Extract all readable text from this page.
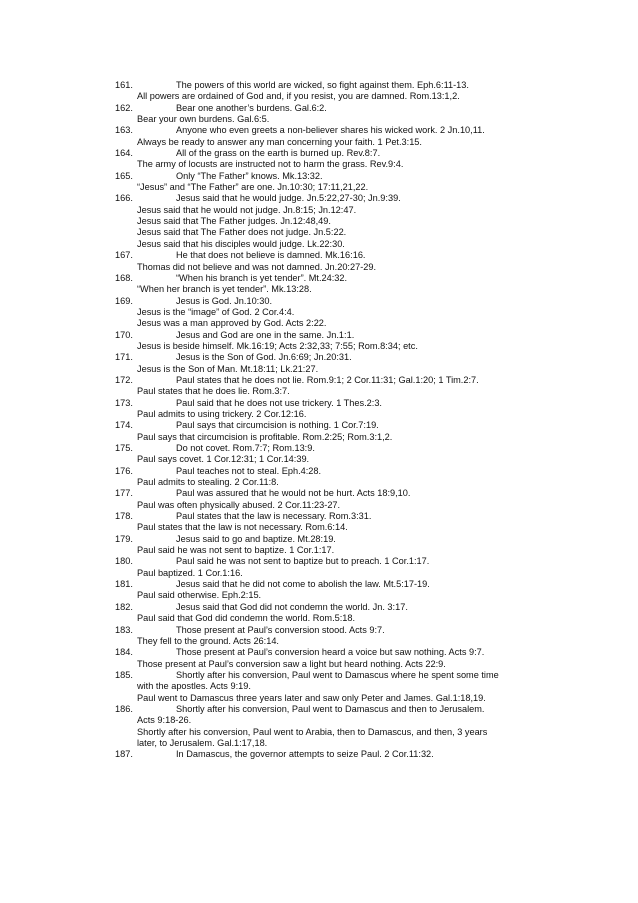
161.	The powers of this world are wicked, so fight against them. Eph.6:11-13.
All powers are ordained of God and, if you resist, you are damned. Rom.13:1,2.
162.	Bear one another’s burdens. Gal.6:2.
Bear your own burdens. Gal.6:5.
163.	Anyone who even greets a non-believer shares his wicked work. 2 Jn.10,11.
Always be ready to answer any man concerning your faith. 1 Pet.3:15.
164.	All of the grass on the earth is burned up. Rev.8:7.
The army of locusts are instructed not to harm the grass. Rev.9:4.
165.	Only “The Father” knows. Mk.13:32.
“Jesus” and “The Father” are one. Jn.10:30; 17:11,21,22.
166.	Jesus said that he would judge. Jn.5:22,27-30; Jn.9:39.
Jesus said that he would not judge. Jn.8:15; Jn.12:47.
Jesus said that The Father judges. Jn.12:48,49.
Jesus said that The Father does not judge. Jn.5:22.
Jesus said that his disciples would judge. Lk.22:30.
167.	He that does not believe is damned. Mk.16:16.
Thomas did not believe and was not damned. Jn.20:27-29.
168.	“When his branch is yet tender”. Mt.24:32.
“When her branch is yet tender”. Mk.13:28.
169.	Jesus is God. Jn.10:30.
Jesus is the “image” of God. 2 Cor.4:4.
Jesus was a man approved by God. Acts 2:22.
170.	Jesus and God are one in the same. Jn.1:1.
Jesus is beside himself. Mk.16:19; Acts 2:32,33; 7:55; Rom.8:34; etc.
171.	Jesus is the Son of God. Jn.6:69; Jn.20:31.
Jesus is the Son of Man. Mt.18:11; Lk.21:27.
172.	Paul states that he does not lie. Rom.9:1; 2 Cor.11:31; Gal.1:20; 1 Tim.2:7.
Paul states that he does lie. Rom.3:7.
173.	Paul said that he does not use trickery. 1 Thes.2:3.
Paul admits to using trickery. 2 Cor.12:16.
174.	Paul says that circumcision is nothing. 1 Cor.7:19.
Paul says that circumcision is profitable. Rom.2:25; Rom.3:1,2.
175.	Do not covet. Rom.7:7; Rom.13:9.
Paul says covet. 1 Cor.12:31; 1 Cor.14:39.
176.	Paul teaches not to steal. Eph.4:28.
Paul admits to stealing. 2 Cor.11:8.
177.	Paul was assured that he would not be hurt. Acts 18:9,10.
Paul was often physically abused. 2 Cor.11:23-27.
178.	Paul states that the law is necessary. Rom.3:31.
Paul states that the law is not necessary. Rom.6:14.
179.	Jesus said to go and baptize. Mt.28:19.
Paul said he was not sent to baptize. 1 Cor.1:17.
180.	Paul said he was not sent to baptize but to preach. 1 Cor.1:17.
Paul baptized. 1 Cor.1:16.
181.	Jesus said that he did not come to abolish the law. Mt.5:17-19.
Paul said otherwise. Eph.2:15.
182.	Jesus said that God did not condemn the world. Jn. 3:17.
Paul said that God did condemn the world. Rom.5:18.
183.	Those present at Paul’s conversion stood. Acts 9:7.
They fell to the ground. Acts 26:14.
184.	Those present at Paul’s conversion heard a voice but saw nothing. Acts 9:7.
Those present at Paul’s conversion saw a light but heard nothing. Acts 22:9.
185.	Shortly after his conversion, Paul went to Damascus where he spent some time
with the apostles. Acts 9:19.
Paul went to Damascus three years later and saw only Peter and James. Gal.1:18,19.
186.	Shortly after his conversion, Paul went to Damascus and then to Jerusalem.
Acts 9:18-26.
Shortly after his conversion, Paul went to Arabia, then to Damascus, and then, 3 years
later, to Jerusalem. Gal.1:17,18.
187.	In Damascus, the governor attempts to seize Paul. 2 Cor.11:32.
